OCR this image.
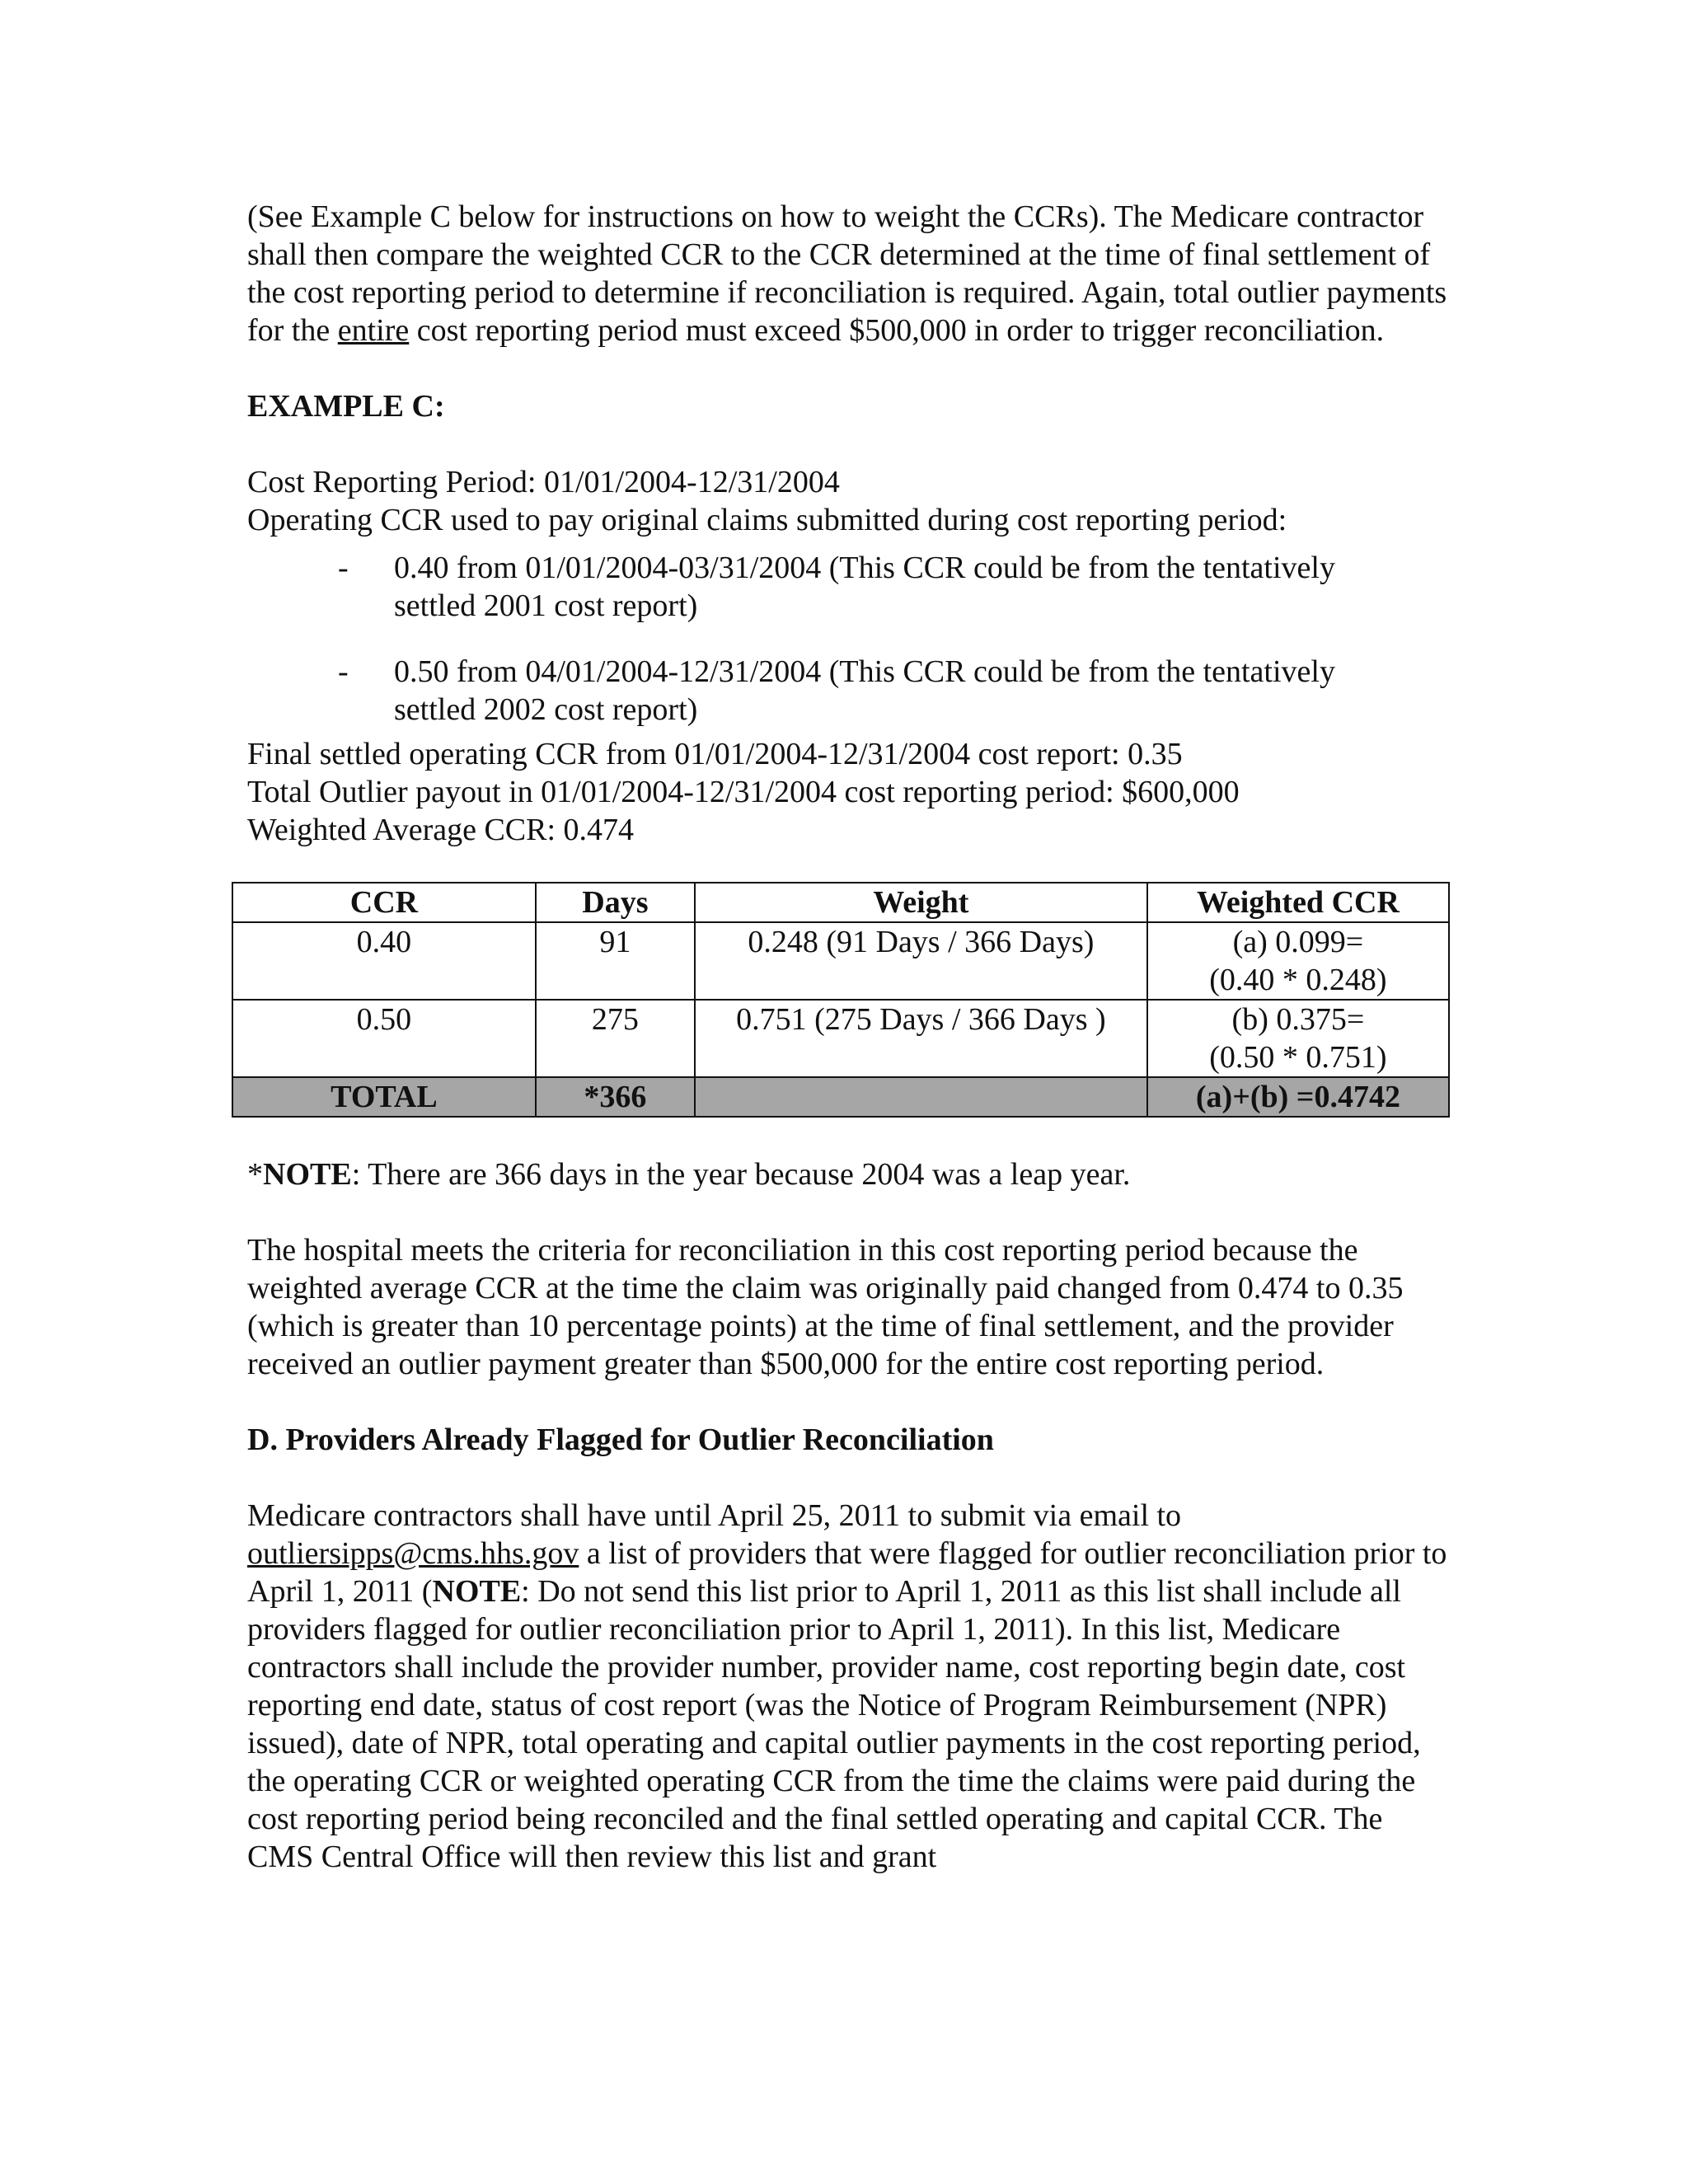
(See Example C below for instructions on how to weight the CCRs). The Medicare contractor shall then compare the weighted CCR to the CCR determined at the time of final settlement of the cost reporting period to determine if reconciliation is required. Again, total outlier payments for the entire cost reporting period must exceed $500,000 in order to trigger reconciliation.

EXAMPLE C:

Cost Reporting Period: 01/01/2004-12/31/2004

Operating CCR used to pay original claims submitted during cost reporting period:

- 0.40 from 01/01/2004-03/31/2004 (This CCR could be from the tentatively settled 2001 cost report)
- 0.50 from 04/01/2004-12/31/2004 (This CCR could be from the tentatively settled 2002 cost report)

Final settled operating CCR from 01/01/2004-12/31/2004 cost report: 0.35

Total Outlier payout in 01/01/2004-12/31/2004 cost reporting period: $600,000

Weighted Average CCR: 0.474

CCR	Days	Weight	Weighted CCR
0.40	91	0.248 (91 Days / 366 Days)	(a) 0.099=
(0.40 * 0.248)

0.50	275	0.751 (275 Days / 366 Days )	(b) 0.375=
(0.50 * 0.751)

TOTAL	*366		(a)+(b) =0.4742

*NOTE: There are 366 days in the year because 2004 was a leap year.

The hospital meets the criteria for reconciliation in this cost reporting period because the weighted average CCR at the time the claim was originally paid changed from 0.474 to 0.35 (which is greater than 10 percentage points) at the time of final settlement, and the provider received an outlier payment greater than $500,000 for the entire cost reporting period.

D. Providers Already Flagged for Outlier Reconciliation

Medicare contractors shall have until April 25, 2011 to submit via email to outliersipps@cms.hhs.gov a list of providers that were flagged for outlier reconciliation prior to April 1, 2011 (NOTE: Do not send this list prior to April 1, 2011 as this list shall include all providers flagged for outlier reconciliation prior to April 1, 2011). In this list, Medicare contractors shall include the provider number, provider name, cost reporting begin date, cost reporting end date, status of cost report (was the Notice of Program Reimbursement (NPR) issued), date of NPR, total operating and capital outlier payments in the cost reporting period, the operating CCR or weighted operating CCR from the time the claims were paid during the cost reporting period being reconciled and the final settled operating and capital CCR. The CMS Central Office will then review this list and grant
